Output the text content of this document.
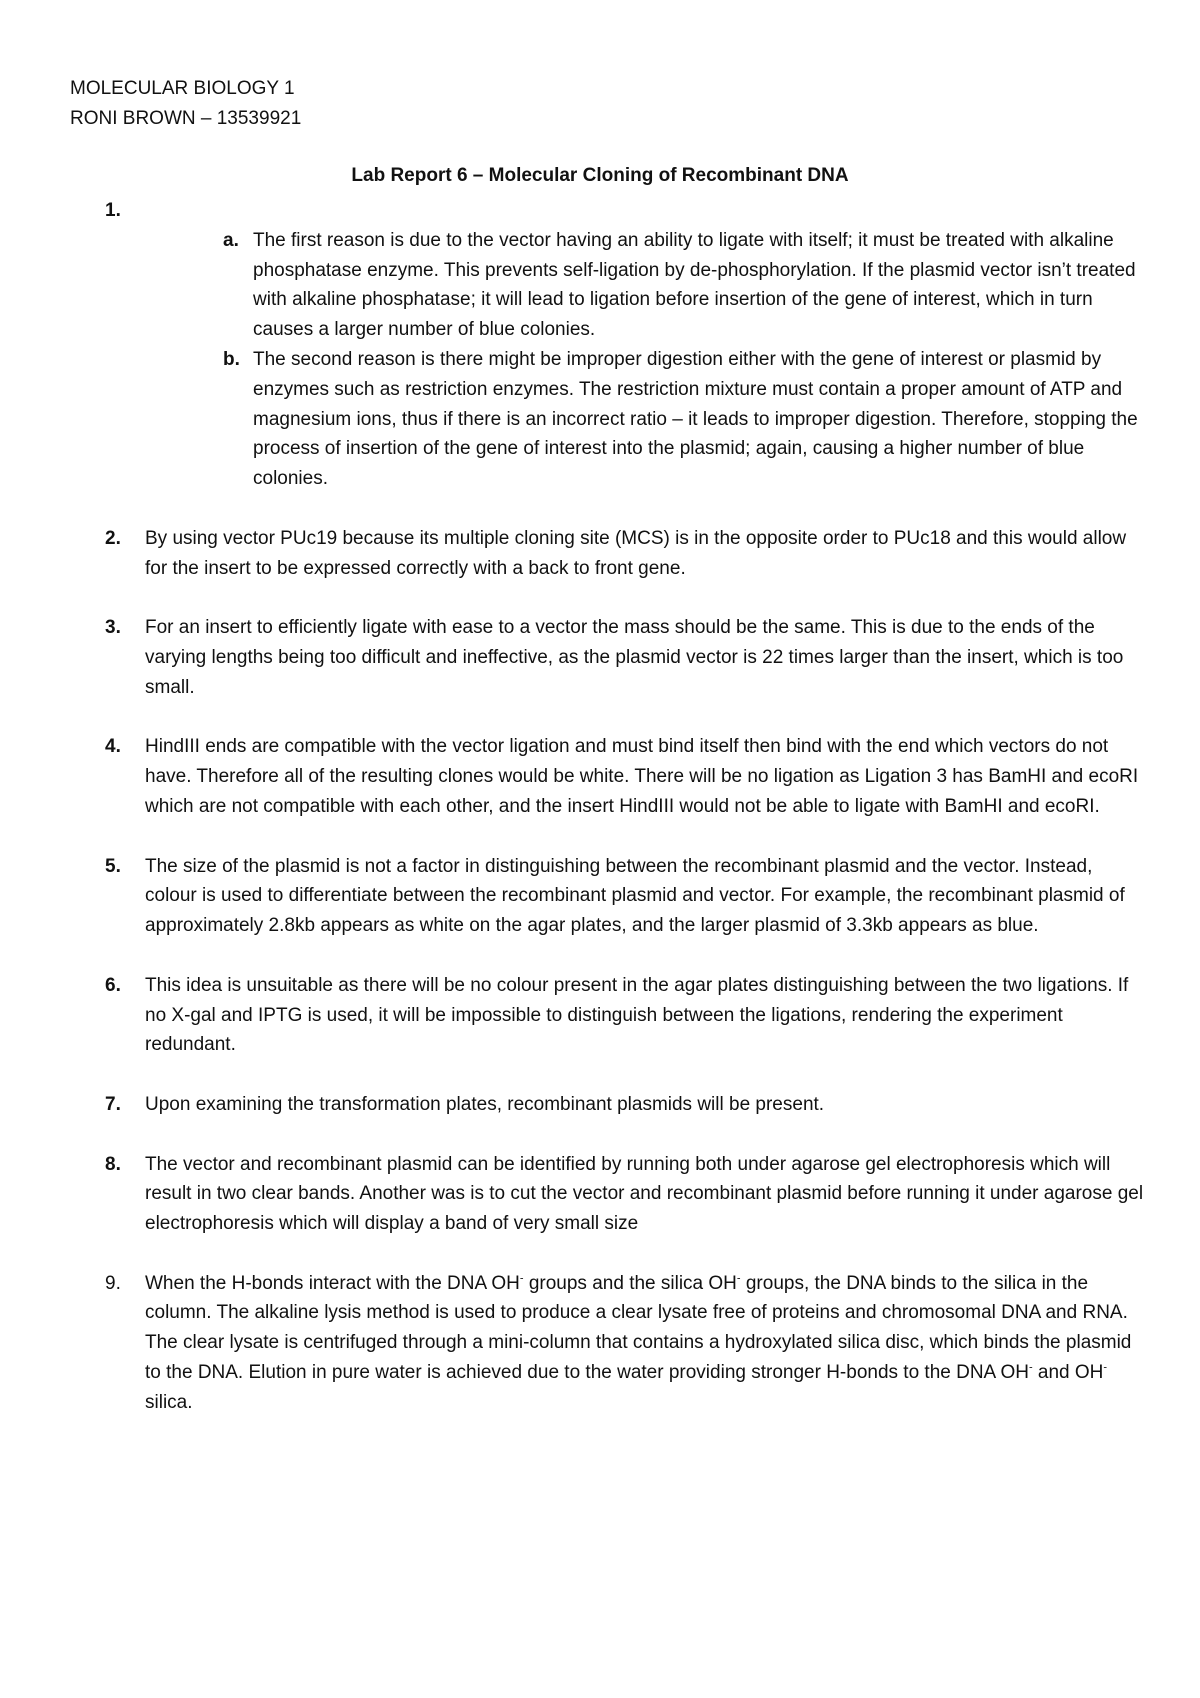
MOLECULAR BIOLOGY 1
RONI BROWN – 13539921
Lab Report 6 – Molecular Cloning of Recombinant DNA
1.
a. The first reason is due to the vector having an ability to ligate with itself; it must be treated with alkaline phosphatase enzyme. This prevents self-ligation by de-phosphorylation. If the plasmid vector isn’t treated with alkaline phosphatase; it will lead to ligation before insertion of the gene of interest, which in turn causes a larger number of blue colonies.
b. The second reason is there might be improper digestion either with the gene of interest or plasmid by enzymes such as restriction enzymes. The restriction mixture must contain a proper amount of ATP and magnesium ions, thus if there is an incorrect ratio – it leads to improper digestion. Therefore, stopping the process of insertion of the gene of interest into the plasmid; again, causing a higher number of blue colonies.
2. By using vector PUc19 because its multiple cloning site (MCS) is in the opposite order to PUc18 and this would allow for the insert to be expressed correctly with a back to front gene.
3. For an insert to efficiently ligate with ease to a vector the mass should be the same. This is due to the ends of the varying lengths being too difficult and ineffective, as the plasmid vector is 22 times larger than the insert, which is too small.
4. HindIII ends are compatible with the vector ligation and must bind itself then bind with the end which vectors do not have. Therefore all of the resulting clones would be white. There will be no ligation as Ligation 3 has BamHI and ecoRI which are not compatible with each other, and the insert HindIII would not be able to ligate with BamHI and ecoRI.
5. The size of the plasmid is not a factor in distinguishing between the recombinant plasmid and the vector. Instead, colour is used to differentiate between the recombinant plasmid and vector. For example, the recombinant plasmid of approximately 2.8kb appears as white on the agar plates, and the larger plasmid of 3.3kb appears as blue.
6. This idea is unsuitable as there will be no colour present in the agar plates distinguishing between the two ligations. If no X-gal and IPTG is used, it will be impossible to distinguish between the ligations, rendering the experiment redundant.
7. Upon examining the transformation plates, recombinant plasmids will be present.
8. The vector and recombinant plasmid can be identified by running both under agarose gel electrophoresis which will result in two clear bands. Another was is to cut the vector and recombinant plasmid before running it under agarose gel electrophoresis which will display a band of very small size
9. When the H-bonds interact with the DNA OH- groups and the silica OH- groups, the DNA binds to the silica in the column. The alkaline lysis method is used to produce a clear lysate free of proteins and chromosomal DNA and RNA. The clear lysate is centrifuged through a mini-column that contains a hydroxylated silica disc, which binds the plasmid to the DNA. Elution in pure water is achieved due to the water providing stronger H-bonds to the DNA OH- and OH- silica.
